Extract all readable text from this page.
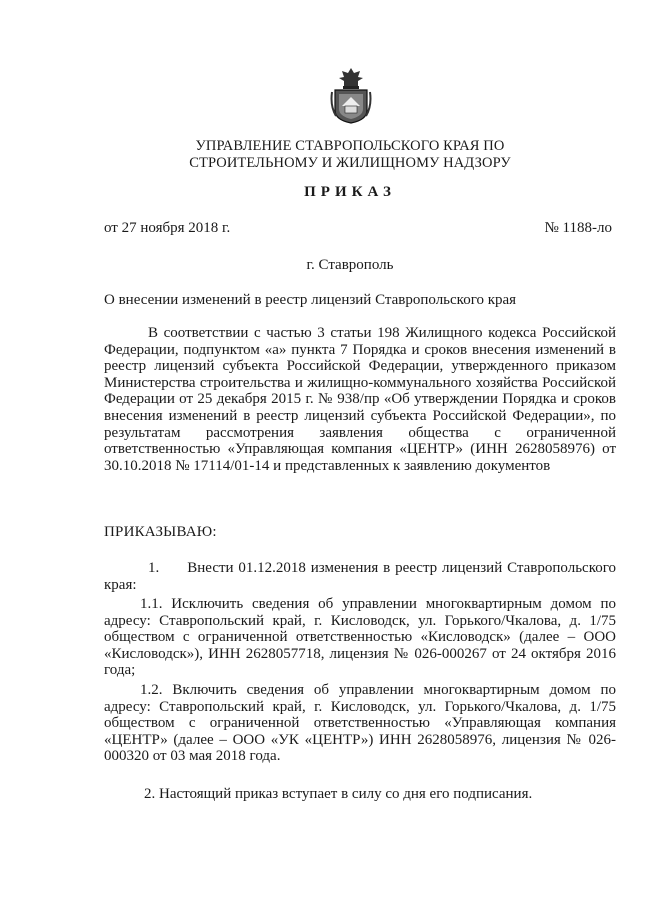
УПРАВЛЕНИЕ СТАВРОПОЛЬСКОГО КРАЯ ПО
СТРОИТЕЛЬНОМУ И ЖИЛИЩНОМУ НАДЗОРУ
ПРИКАЗ
от 27 ноября 2018 г.	№ 1188-ло
г. Ставрополь
О внесении изменений в реестр лицензий Ставропольского края

В соответствии с частью 3 статьи 198 Жилищного кодекса Российской Федерации, подпунктом «а» пункта 7 Порядка и сроков внесения изменений в реестр лицензий субъекта Российской Федерации, утвержденного приказом Министерства строительства и жилищно-коммунального хозяйства Российской Федерации от 25 декабря 2015 г. № 938/пр «Об утверждении Порядка и сроков внесения изменений в реестр лицензий субъекта Российской Федерации», по результатам рассмотрения заявления общества с ограниченной ответственностью «Управляющая компания «ЦЕНТР» (ИНН 2628058976) от 30.10.2018 № 17114/01-14 и представленных к заявлению документов

ПРИКАЗЫВАЮ:

1. Внести 01.12.2018 изменения в реестр лицензий Ставропольского края:

1.1. Исключить сведения об управлении многоквартирным домом по адресу: Ставропольский край, г. Кисловодск, ул. Горького/Чкалова, д. 1/75 обществом с ограниченной ответственностью «Кисловодск» (далее – ООО «Кисловодск»), ИНН 2628057718, лицензия № 026-000267 от 24 октября 2016 года;

1.2. Включить сведения об управлении многоквартирным домом по адресу: Ставропольский край, г. Кисловодск, ул. Горького/Чкалова, д. 1/75 обществом с ограниченной ответственностью «Управляющая компания «ЦЕНТР» (далее – ООО «УК «ЦЕНТР») ИНН 2628058976, лицензия № 026-000320 от 03 мая 2018 года.

2. Настоящий приказ вступает в силу со дня его подписания.
